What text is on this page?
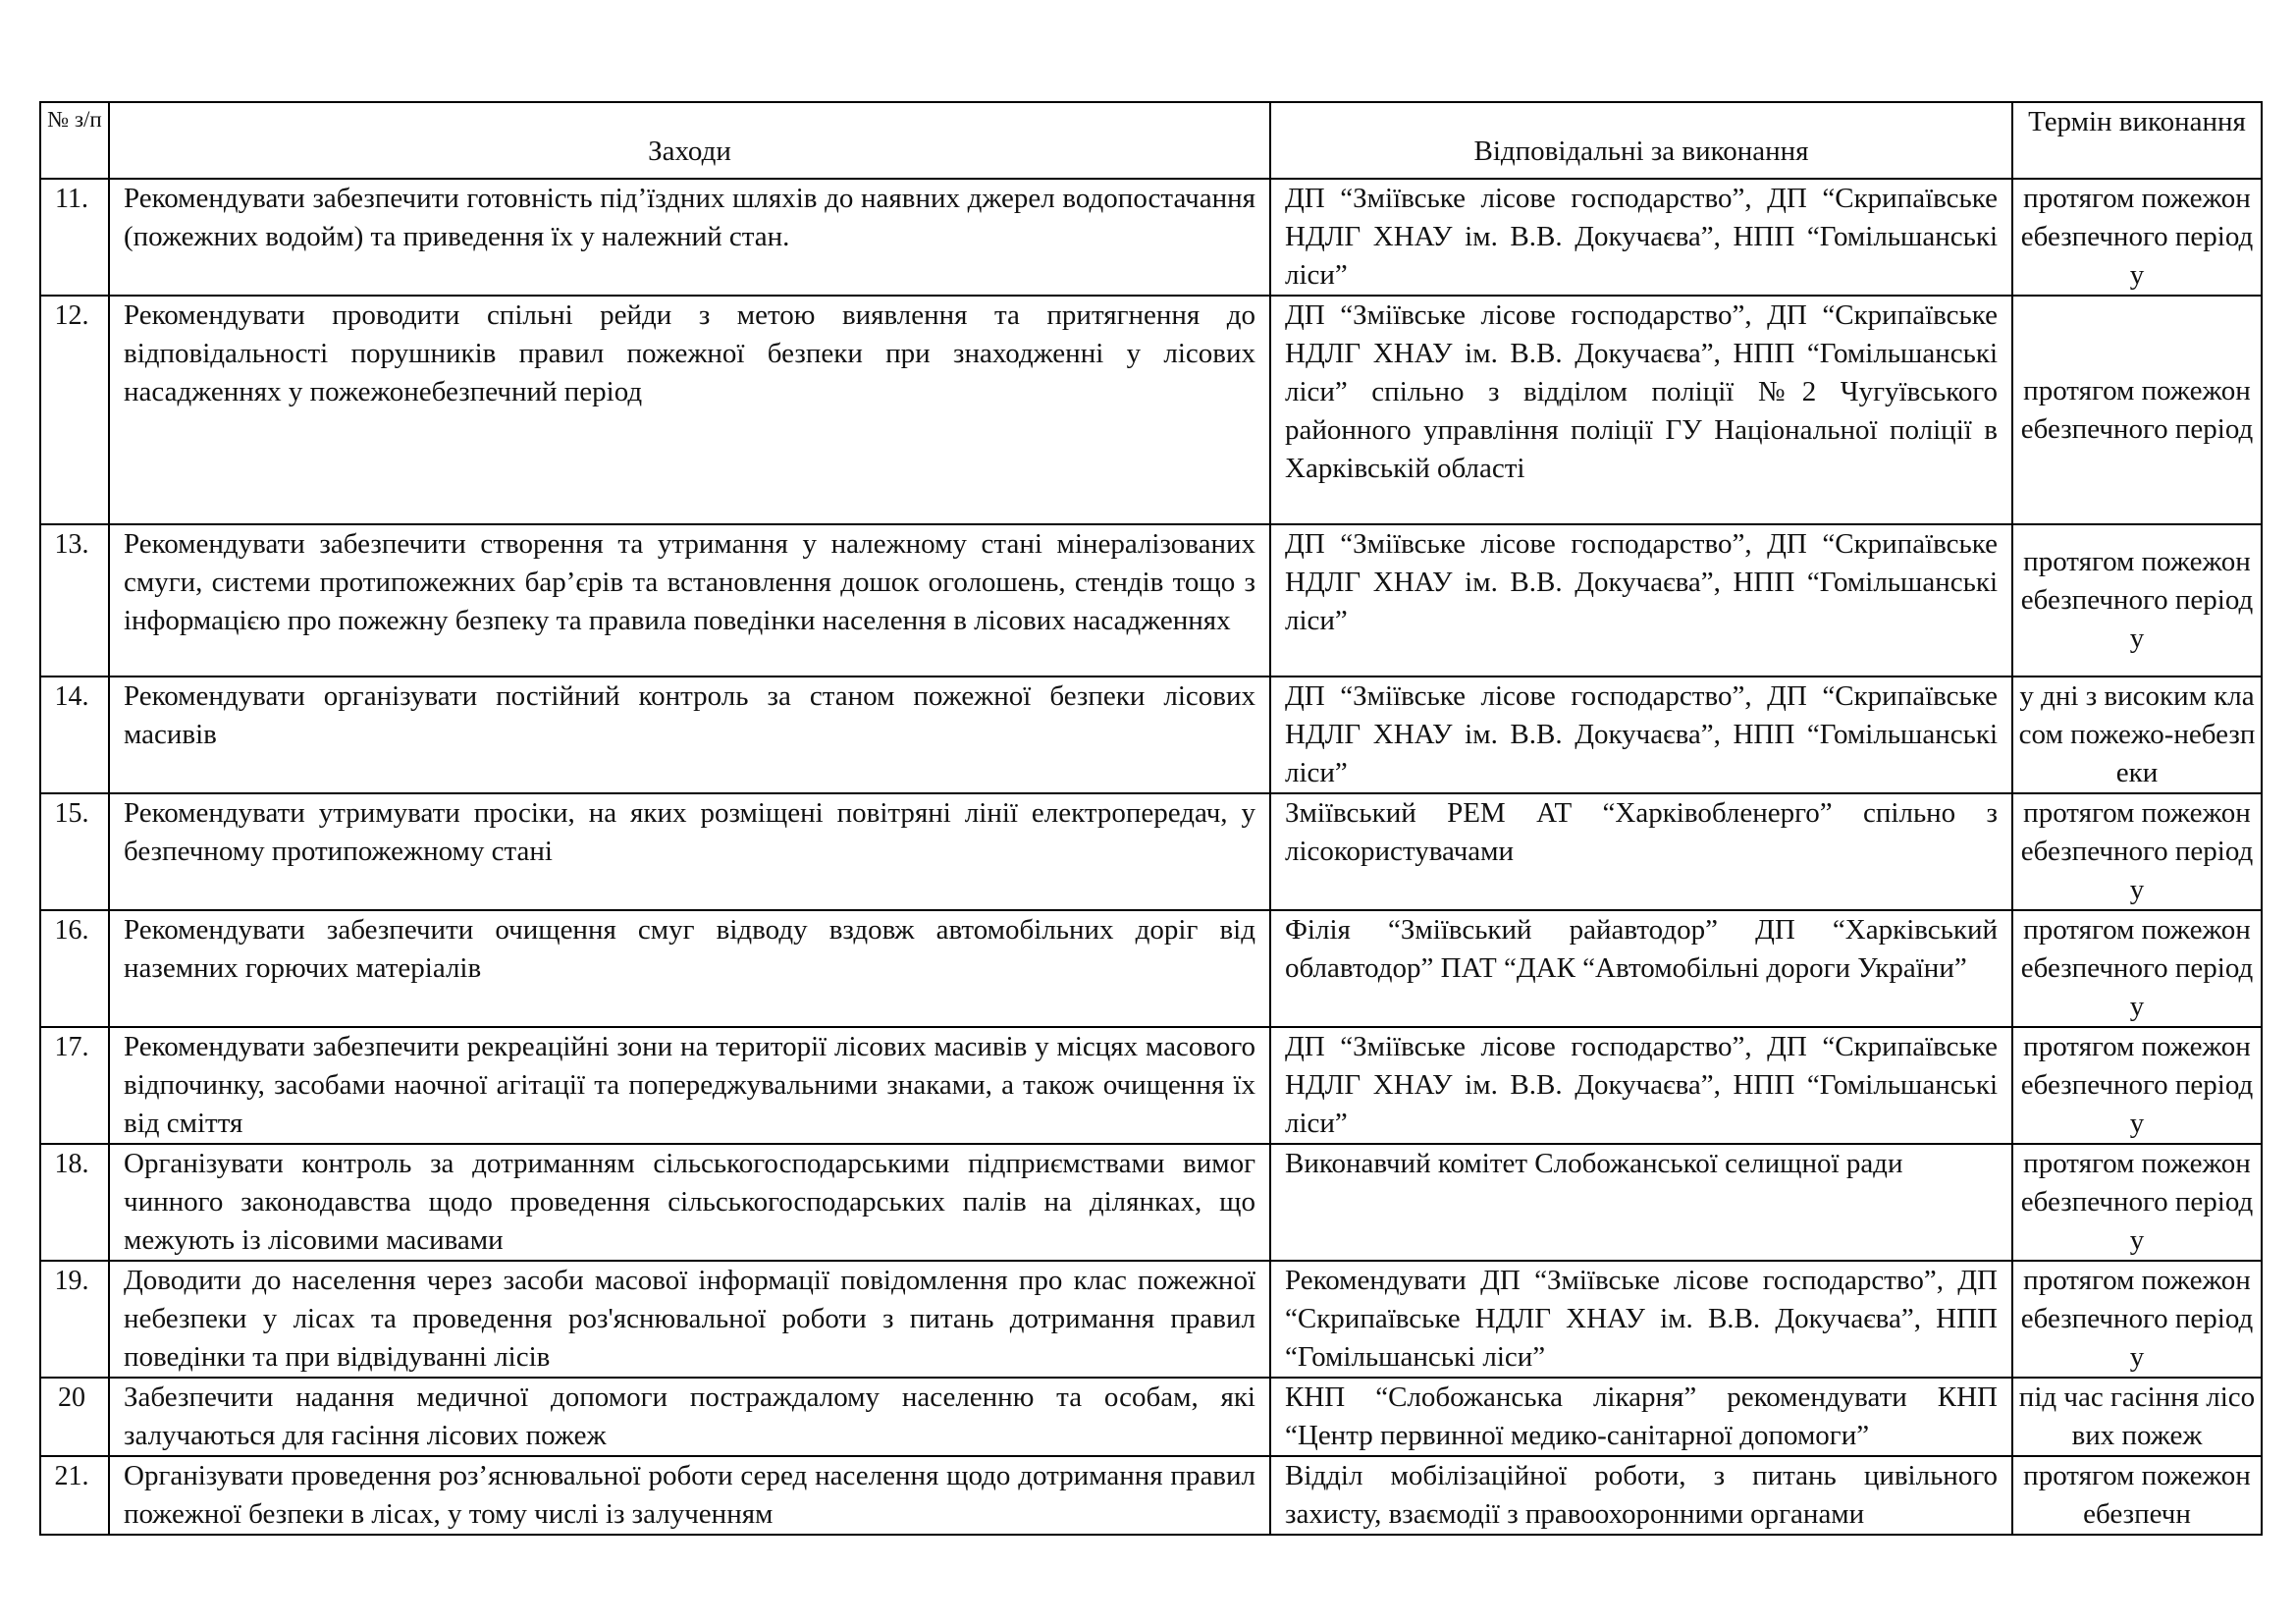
№ з/п	Заходи	Відповідальні за виконання	Термін виконання
11.	Рекомендувати забезпечити готовність під’їздних шляхів до наявних джерел водопостачання (пожежних водойм) та приведення їх у належний стан.	ДП “Зміївське лісове господарство”, ДП “Скрипаївське НДЛГ ХНАУ ім. В.В. Докучаєва”, НПП “Гомільшанські ліси”	протягом пожежонебезпечного періоду
12.	Рекомендувати проводити спільні рейди з метою виявлення та притягнення до відповідальності порушників правил пожежної безпеки при знаходженні у лісових насадженнях у пожежонебезпечний період	ДП “Зміївське лісове господарство”, ДП “Скрипаївське НДЛГ ХНАУ ім. В.В. Докучаєва”, НПП “Гомільшанські ліси” спільно з відділом поліції №2 Чугуївського районного управління поліції ГУ Національної поліції в Харківській області	протягом пожежонебезпечного період
13.	Рекомендувати забезпечити створення та утримання у належному стані мінералізованих смуги, системи протипожежних бар’єрів та встановлення дошок оголошень, стендів тощо з інформацією про пожежну безпеку та правила поведінки населення в лісових насадженнях	ДП “Зміївське лісове господарство”, ДП “Скрипаївське НДЛГ ХНАУ ім. В.В. Докучаєва”, НПП “Гомільшанські ліси”	протягом пожежонебезпечного періоду
14.	Рекомендувати організувати постійний контроль за станом пожежної безпеки лісових масивів	ДП “Зміївське лісове господарство”, ДП “Скрипаївське НДЛГ ХНАУ ім. В.В. Докучаєва”, НПП “Гомільшанські ліси”	у дні з високим класом пожежо-небезпеки
15.	Рекомендувати утримувати просіки, на яких розміщені повітряні лінії електропередач, у безпечному протипожежному стані	Зміївський РЕМ АТ “Харківобленерго” спільно з лісокористувачами	протягом пожежонебезпечного періоду
16.	Рекомендувати забезпечити очищення смуг відводу вздовж автомобільних доріг від наземних горючих матеріалів	Філія “Зміївський райавтодор” ДП “Харківський облавтодор” ПАТ “ДАК “Автомобільні дороги України”	протягом пожежонебезпечного періоду
17.	Рекомендувати забезпечити рекреаційні зони на території лісових масивів у місцях масового відпочинку, засобами наочної агітації та попереджувальними знаками, а також очищення їх від сміття	ДП “Зміївське лісове господарство”, ДП “Скрипаївське НДЛГ ХНАУ ім. В.В. Докучаєва”, НПП “Гомільшанські ліси”	протягом пожежонебезпечного періоду
18.	Організувати контроль за дотриманням сільськогосподарськими підприємствами вимог чинного законодавства щодо проведення сільськогосподарських палів на ділянках, що межують із лісовими масивами	Виконавчий комітет Слобожанської селищної ради	протягом пожежонебезпечного періоду
19.	Доводити до населення через засоби масової інформації повідомлення про клас пожежної небезпеки у лісах та проведення роз'яснювальної роботи з питань дотримання правил поведінки та при відвідуванні лісів	Рекомендувати ДП “Зміївське лісове господарство”, ДП “Скрипаївське НДЛГ ХНАУ ім. В.В. Докучаєва”, НПП “Гомільшанські ліси”	протягом пожежонебезпечного періоду
20	Забезпечити надання медичної допомоги постраждалому населенню та особам, які залучаються для гасіння лісових пожеж	КНП “Слобожанська лікарня” рекомендувати КНП “Центр первинної медико-санітарної допомоги”	під час гасіння лісових пожеж
21.	Організувати проведення роз’яснювальної роботи серед населення щодо дотримання правил пожежної безпеки в лісах, у тому числі із залученням	Відділ мобілізаційної роботи, з питань цивільного захисту, взаємодії з правоохоронними органами	протягом пожежонебезпечн
